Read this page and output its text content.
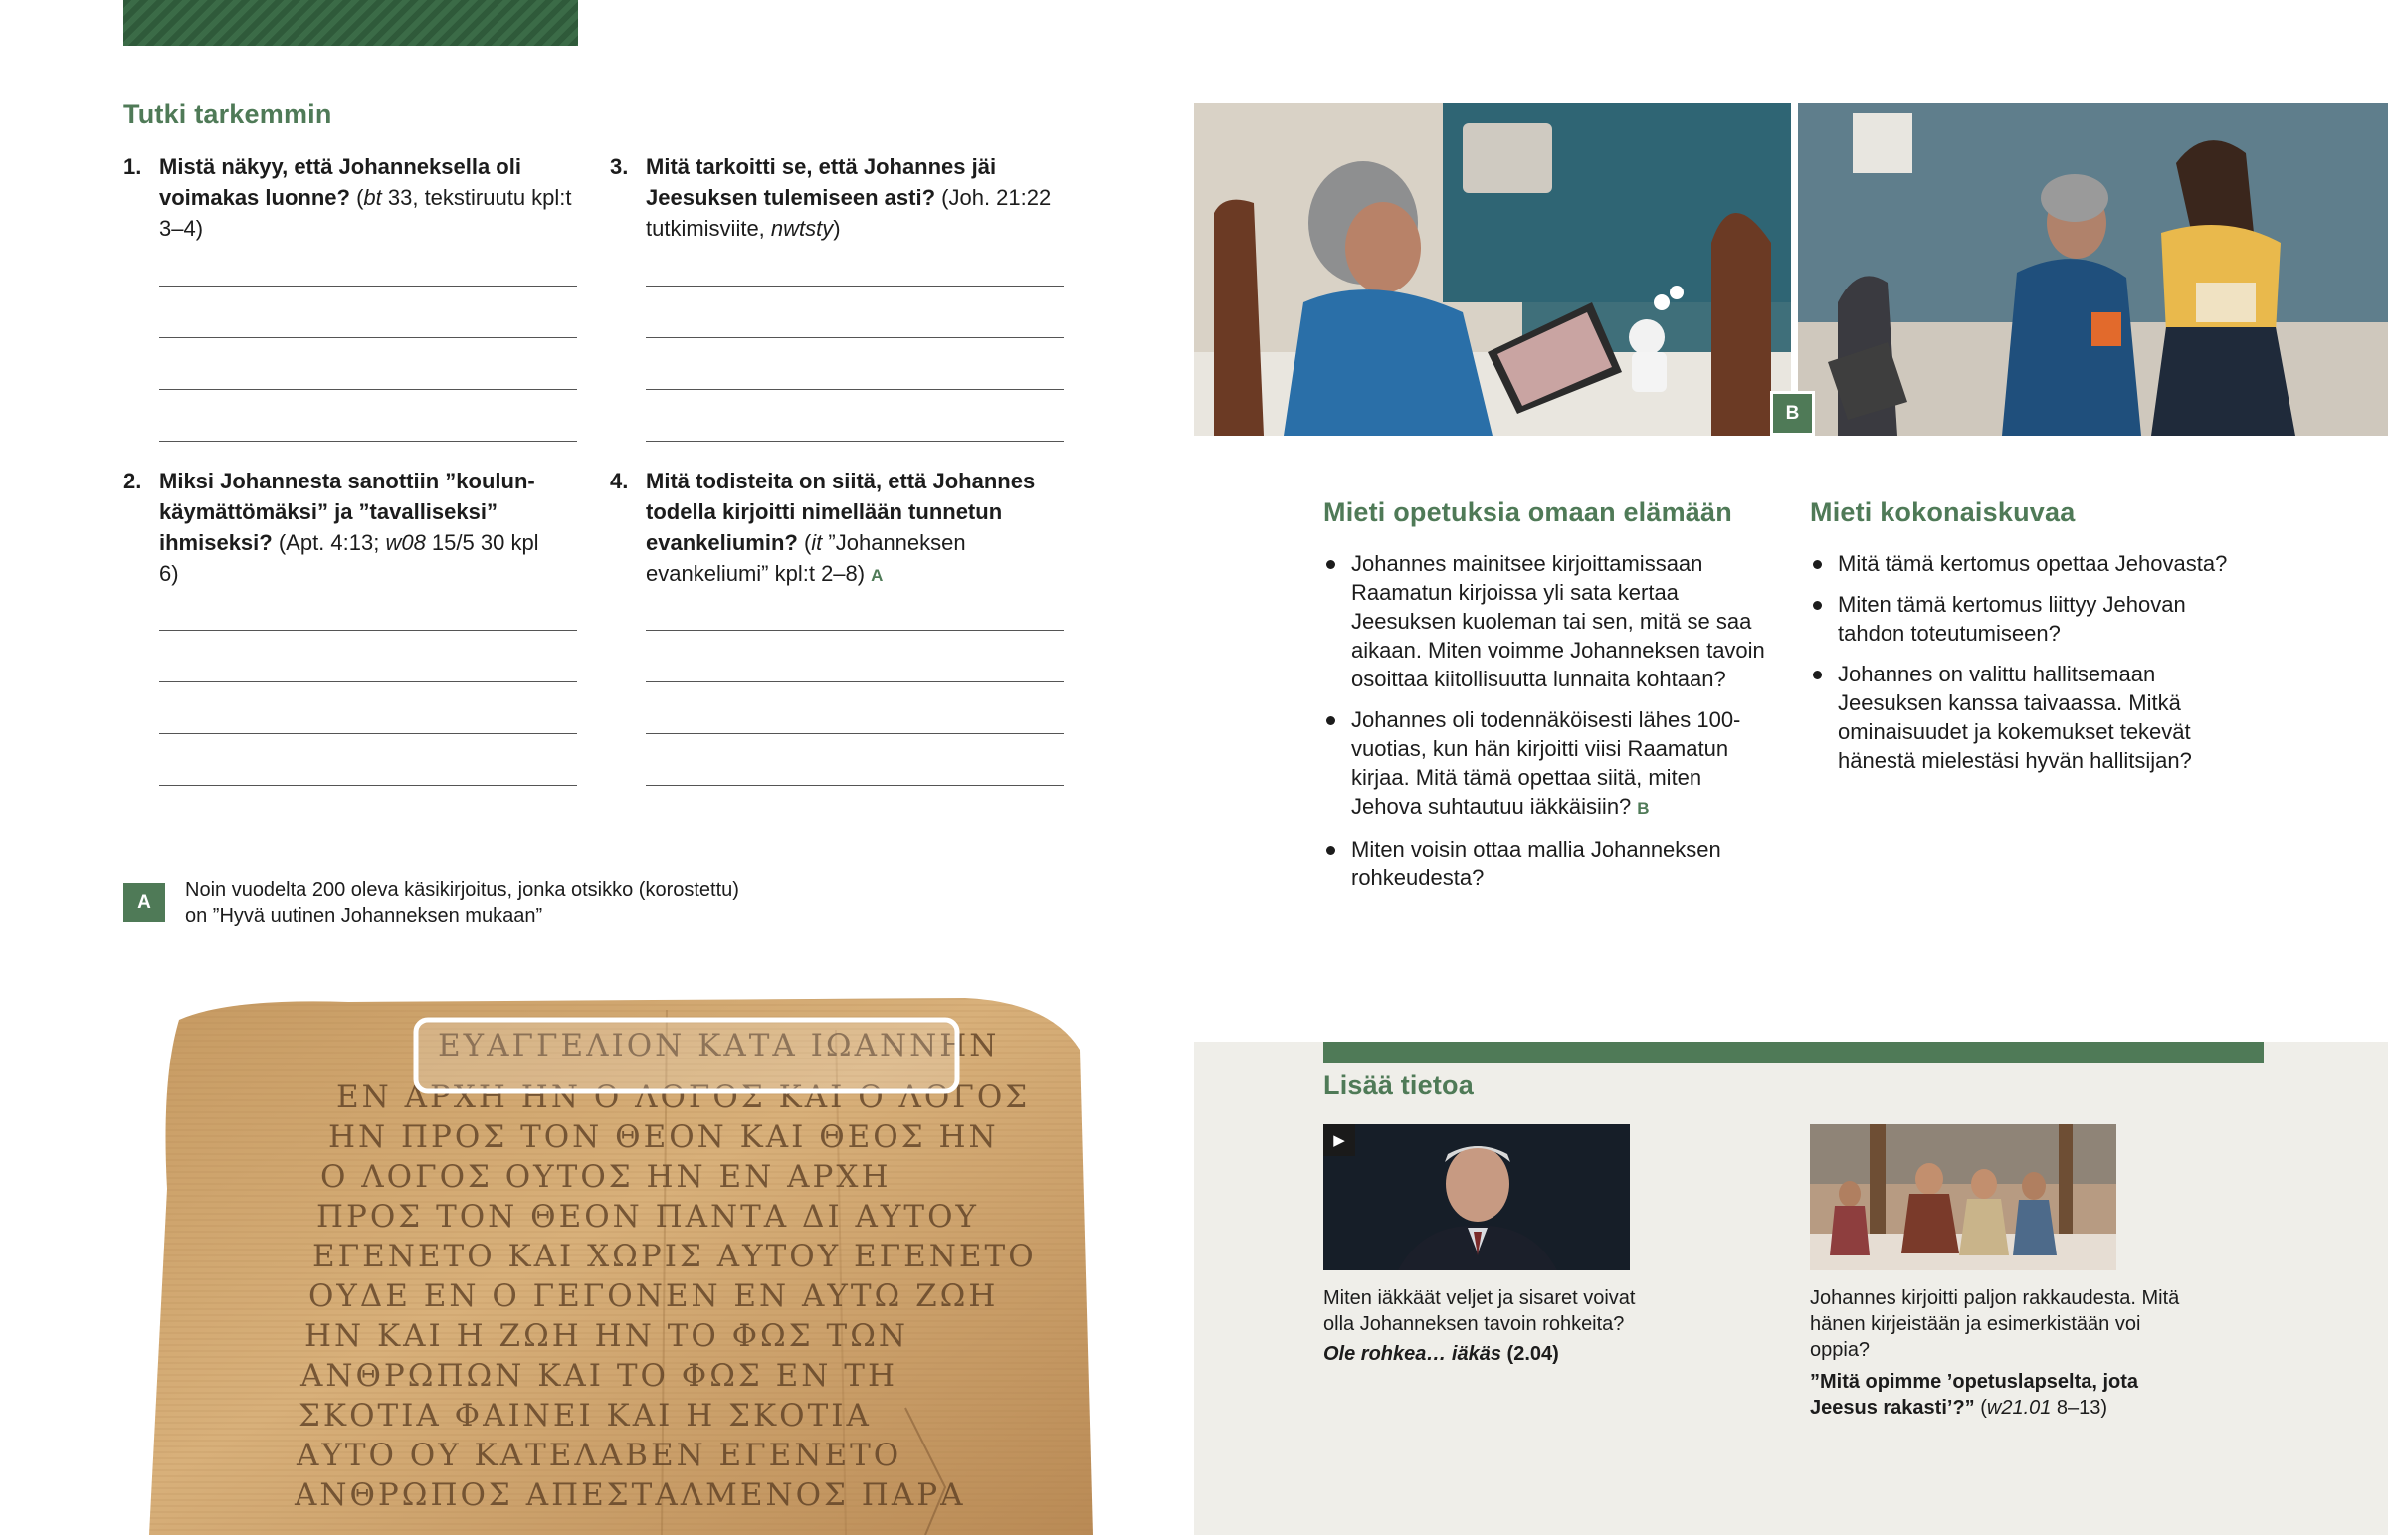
Tutki tarkemmin
1. Mistä näkyy, että Johanneksella oli voimakas luonne? (bt 33, tekstiruutu kpl:t 3–4)
3. Mitä tarkoitti se, että Johannes jäi Jeesuksen tulemiseen asti? (Joh. 21:22 tutkimisviite, nwtsty)
2. Miksi Johannesta sanottiin ”koulunkäymättömäksi” ja ”tavalliseksi” ihmiseksi? (Apt. 4:13; w08 15/5 30 kpl 6)
4. Mitä todisteita on siitä, että Johannes todella kirjoitti nimellään tunnetun evankeliumin? (it ”Johanneksen evankeliumi” kpl:t 2–8) A
A
Noin vuodelta 200 oleva käsikirjoitus, jonka otsikko (korostettu) on ”Hyvä uutinen Johanneksen mukaan”
ΕΥΑΓΓΕΛΙΟΝ ΚΑΤΑ ΙΩΑΝΝΗΝ
ΕΝ ΑΡΧΗ ΗΝ Ο ΛΟΓΟΣ ΚΑΙ Ο ΛΟΓΟΣ
ΗΝ ΠΡΟΣ ΤΟΝ ΘΕΟΝ ΚΑΙ ΘΕΟΣ ΗΝ
Ο ΛΟΓΟΣ ΟΥΤΟΣ ΗΝ ΕΝ ΑΡΧΗ
ΠΡΟΣ ΤΟΝ ΘΕΟΝ ΠΑΝΤΑ ΔΙ ΑΥΤΟΥ
ΕΓΕΝΕΤΟ ΚΑΙ ΧΩΡΙΣ ΑΥΤΟΥ ΕΓΕΝΕΤΟ
ΟΥΔΕ ΕΝ Ο ΓΕΓΟΝΕΝ ΕΝ ΑΥΤΩ ΖΩΗ
ΗΝ ΚΑΙ Η ΖΩΗ ΗΝ ΤΟ ΦΩΣ ΤΩΝ
ΑΝΘΡΩΠΩΝ ΚΑΙ ΤΟ ΦΩΣ ΕΝ ΤΗ
ΣΚΟΤΙΑ ΦΑΙΝΕΙ ΚΑΙ Η ΣΚΟΤΙΑ
ΑΥΤΟ ΟΥ ΚΑΤΕΛΑΒΕΝ ΕΓΕΝΕΤΟ
ΑΝΘΡΩΠΟΣ ΑΠΕΣΤΑΛΜΕΝΟΣ ΠΑΡΑ
B
Mieti opetuksia omaan elämään
Johannes mainitsee kirjoittamissaan Raamatun kirjoissa yli sata kertaa Jeesuksen kuoleman tai sen, mitä se saa aikaan. Miten voimme Johanneksen tavoin osoittaa kiitollisuutta lunnaita kohtaan?
Johannes oli todennäköisesti lähes 100-vuotias, kun hän kirjoitti viisi Raamatun kirjaa. Mitä tämä opettaa siitä, miten Jehova suhtautuu iäkkäisiin? B
Miten voisin ottaa mallia Johanneksen rohkeudesta?
Mieti kokonaiskuvaa
Mitä tämä kertomus opettaa Jehovasta?
Miten tämä kertomus liittyy Jehovan tahdon toteutumiseen?
Johannes on valittu hallitsemaan Jeesuksen kanssa taivaassa. Mitkä ominaisuudet ja kokemukset tekevät hänestä mielestäsi hyvän hallitsijan?
Lisää tietoa
▶
Miten iäkkäät veljet ja sisaret voivat olla Johanneksen tavoin rohkeita?
Ole rohkea… iäkäs (2.04)
Johannes kirjoitti paljon rakkaudesta. Mitä hänen kirjeistään ja esimerkistään voi oppia?
”Mitä opimme ’opetuslapselta, jota Jeesus rakasti’?” (w21.01 8–13)
